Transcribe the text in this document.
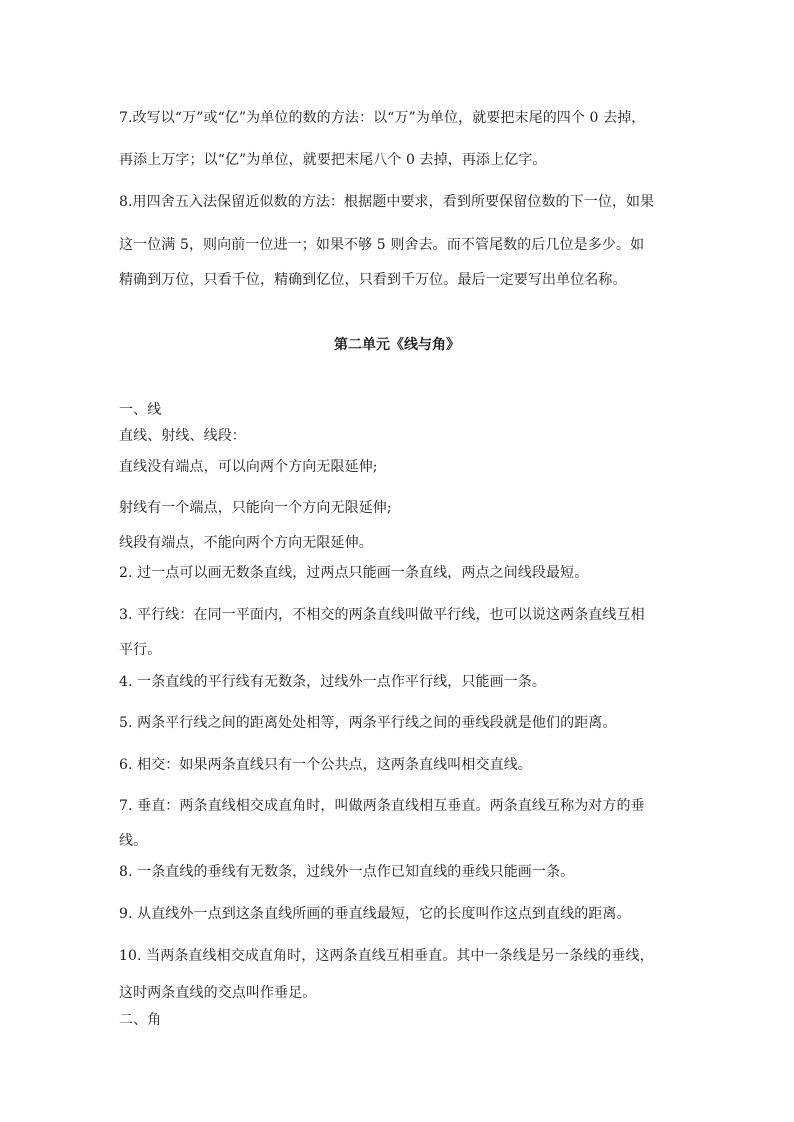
7.改写以“万”或“亿”为单位的数的方法：以“万”为单位，就要把末尾的四个 0 去掉，
再添上万字；以“亿”为单位，就要把末尾八个 0 去掉，再添上亿字。
8.用四舍五入法保留近似数的方法：根据题中要求，看到所要保留位数的下一位，如果
这一位满 5，则向前一位进一；如果不够 5 则舍去。而不管尾数的后几位是多少。如
精确到万位，只看千位，精确到亿位，只看到千万位。最后一定要写出单位名称。
第二单元《线与角》
一、线
直线、射线、线段：
直线没有端点，可以向两个方向无限延伸;
射线有一个端点，只能向一个方向无限延伸;
线段有端点，不能向两个方向无限延伸。
2. 过一点可以画无数条直线，过两点只能画一条直线，两点之间线段最短。
3. 平行线：在同一平面内，不相交的两条直线叫做平行线，也可以说这两条直线互相
平行。
4. 一条直线的平行线有无数条，过线外一点作平行线，只能画一条。
5. 两条平行线之间的距离处处相等，两条平行线之间的垂线段就是他们的距离。
6. 相交：如果两条直线只有一个公共点，这两条直线叫相交直线。
7. 垂直：两条直线相交成直角时，叫做两条直线相互垂直。两条直线互称为对方的垂
线。
8. 一条直线的垂线有无数条，过线外一点作已知直线的垂线只能画一条。
9. 从直线外一点到这条直线所画的垂直线最短，它的长度叫作这点到直线的距离。
10. 当两条直线相交成直角时，这两条直线互相垂直。其中一条线是另一条线的垂线，
这时两条直线的交点叫作垂足。
二、角
